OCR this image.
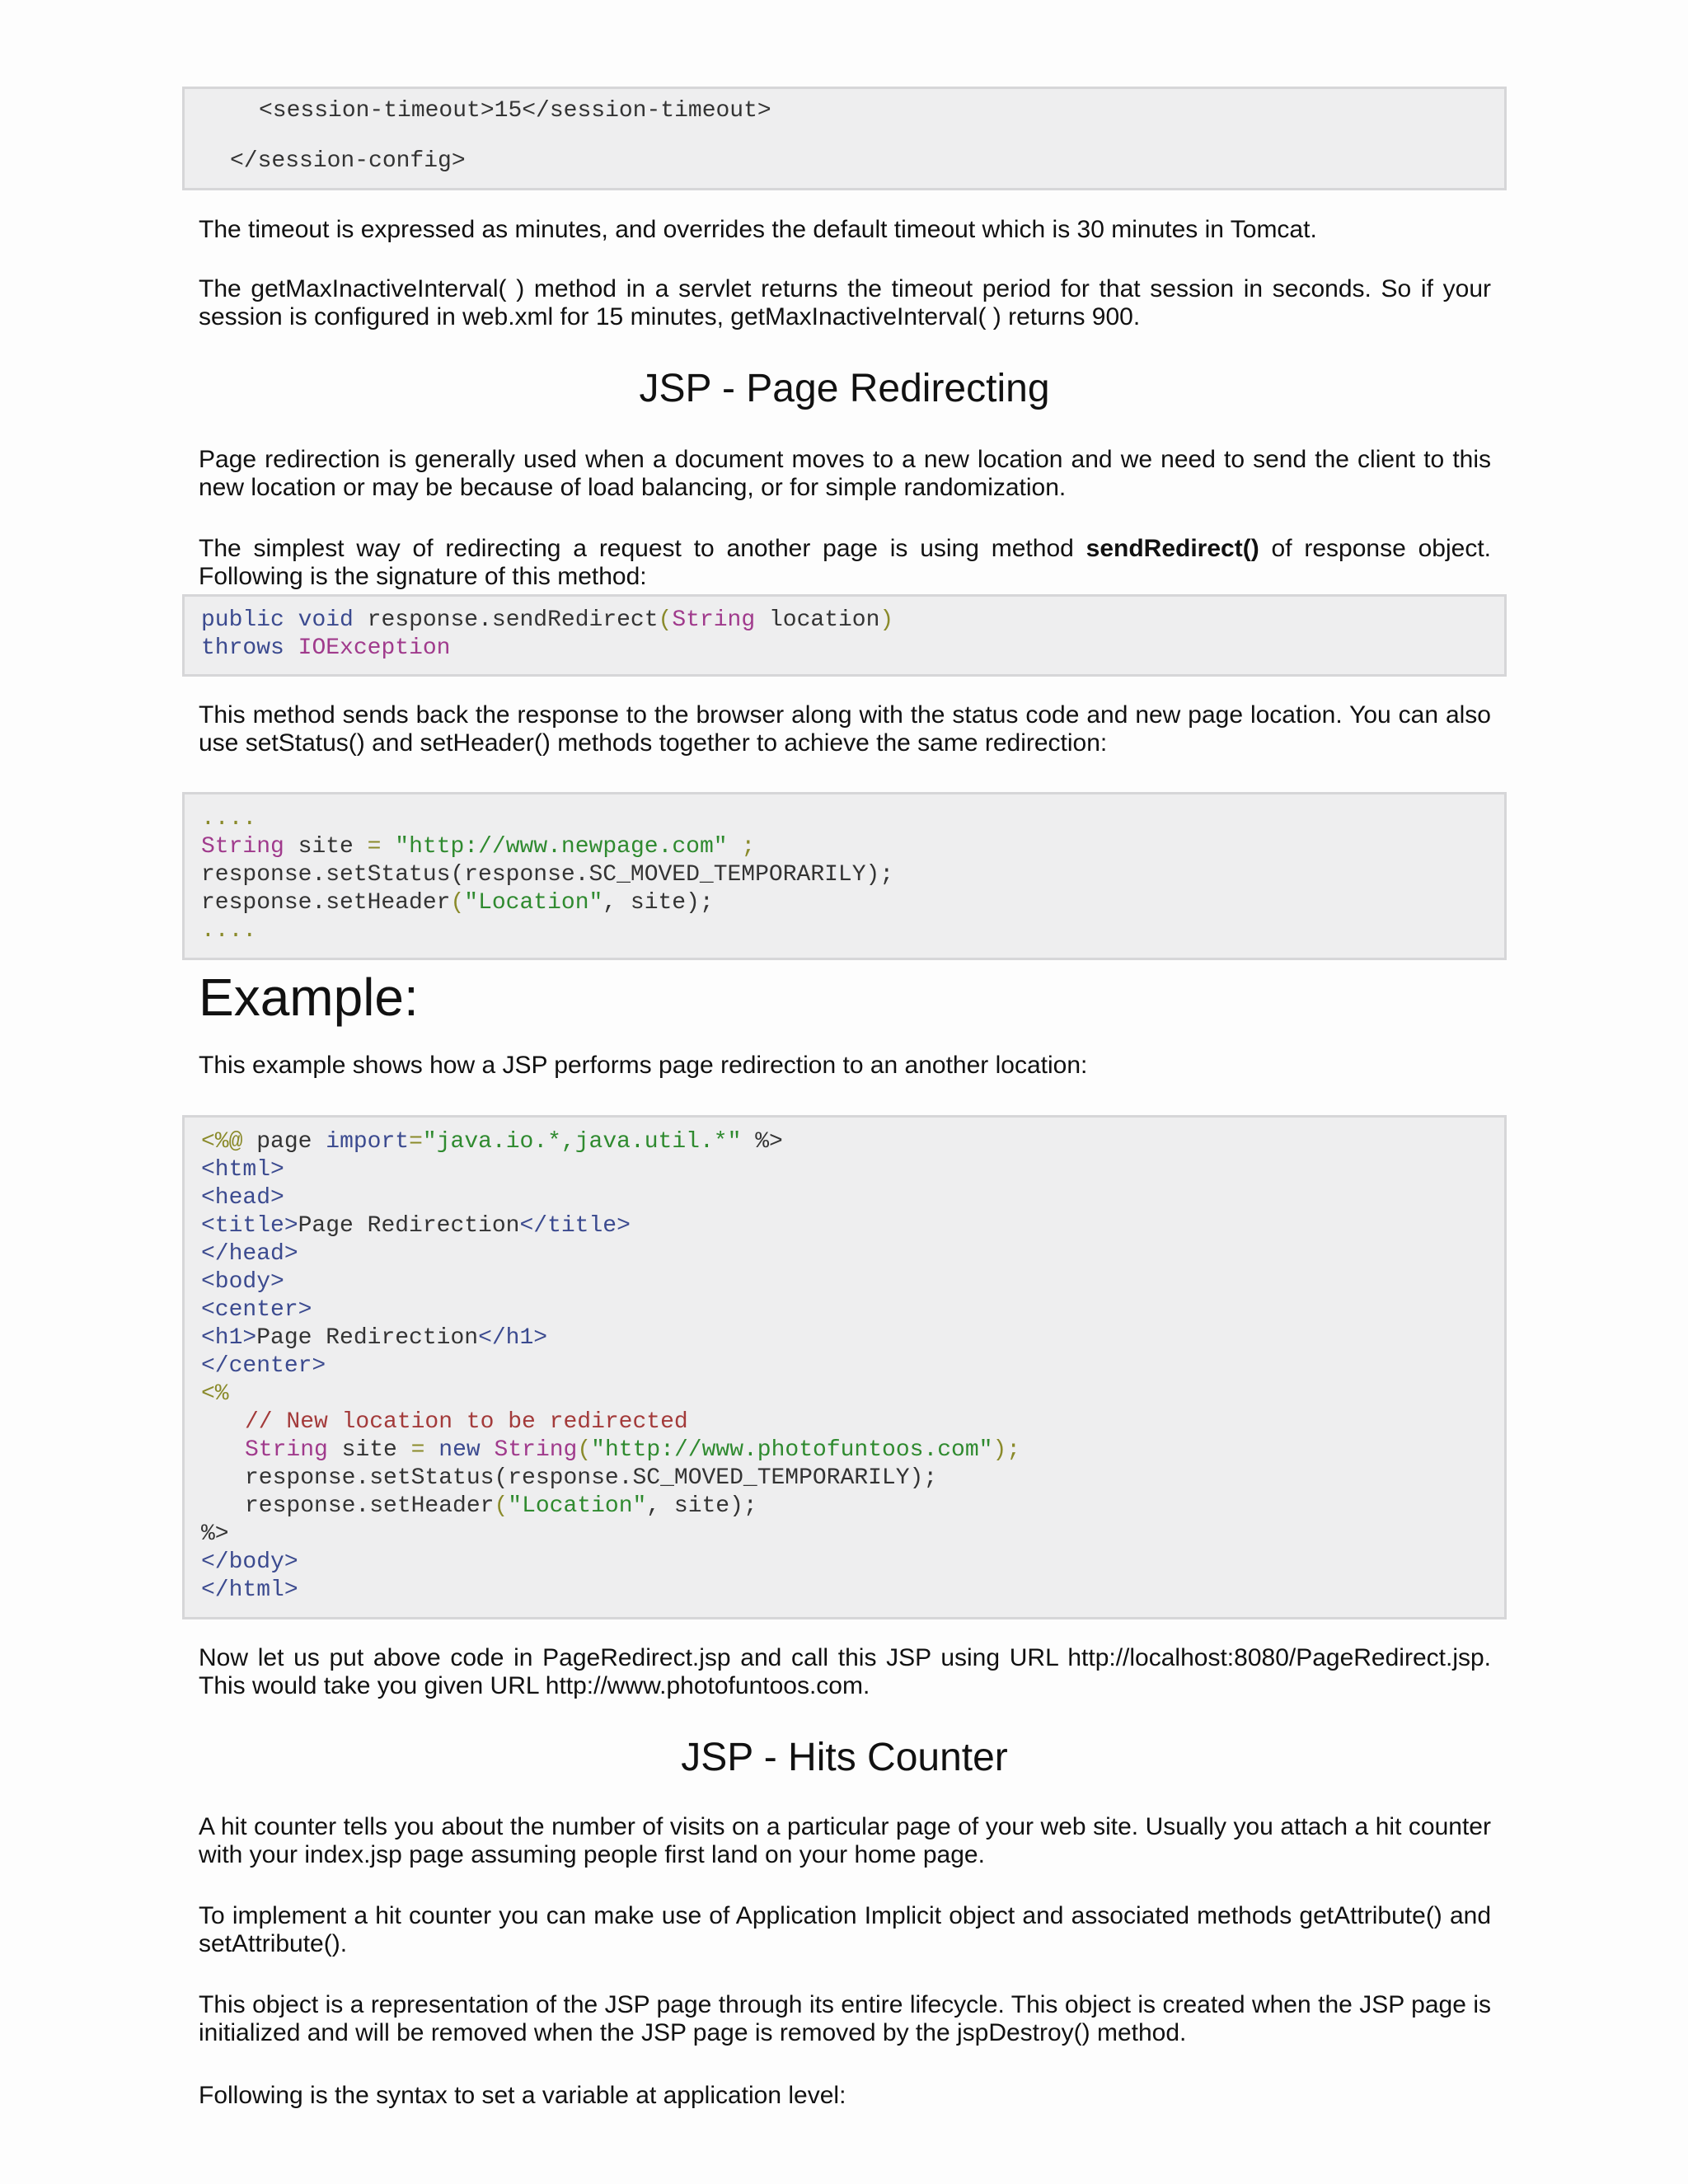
<session-timeout>15</session-timeout>

</session-config>

The timeout is expressed as minutes, and overrides the default timeout which is 30 minutes in Tomcat.

The getMaxInactiveInterval( ) method in a servlet returns the timeout period for that session in seconds. So if your session is configured in web.xml for 15 minutes, getMaxInactiveInterval( ) returns 900.

JSP - Page Redirecting

Page redirection is generally used when a document moves to a new location and we need to send the client to this new location or may be because of load balancing, or for simple randomization.

The simplest way of redirecting a request to another page is using method sendRedirect() of response object. Following is the signature of this method:

public void response.sendRedirect(String location)

throws IOException

This method sends back the response to the browser along with the status code and new page location. You can also use setStatus() and setHeader() methods together to achieve the same redirection:

....

String site = "http://www.newpage.com" ;

response.setStatus(response.SC_MOVED_TEMPORARILY);

response.setHeader("Location", site);

....

Example:

This example shows how a JSP performs page redirection to an another location:

<%@ page import="java.io.*,java.util.*" %>

<html>

<head>

<title>Page Redirection</title>

</head>

<body>

<center>

<h1>Page Redirection</h1>

</center>

<%

// New location to be redirected

String site = new String("http://www.photofuntoos.com");

response.setStatus(response.SC_MOVED_TEMPORARILY);

response.setHeader("Location", site);

%>

</body>

</html>

Now let us put above code in PageRedirect.jsp and call this JSP using URL http://localhost:8080/PageRedirect.jsp. This would take you given URL http://www.photofuntoos.com.

JSP - Hits Counter

A hit counter tells you about the number of visits on a particular page of your web site. Usually you attach a hit counter with your index.jsp page assuming people first land on your home page.

To implement a hit counter you can make use of Application Implicit object and associated methods getAttribute() and setAttribute().

This object is a representation of the JSP page through its entire lifecycle. This object is created when the JSP page is initialized and will be removed when the JSP page is removed by the jspDestroy() method.

Following is the syntax to set a variable at application level:
